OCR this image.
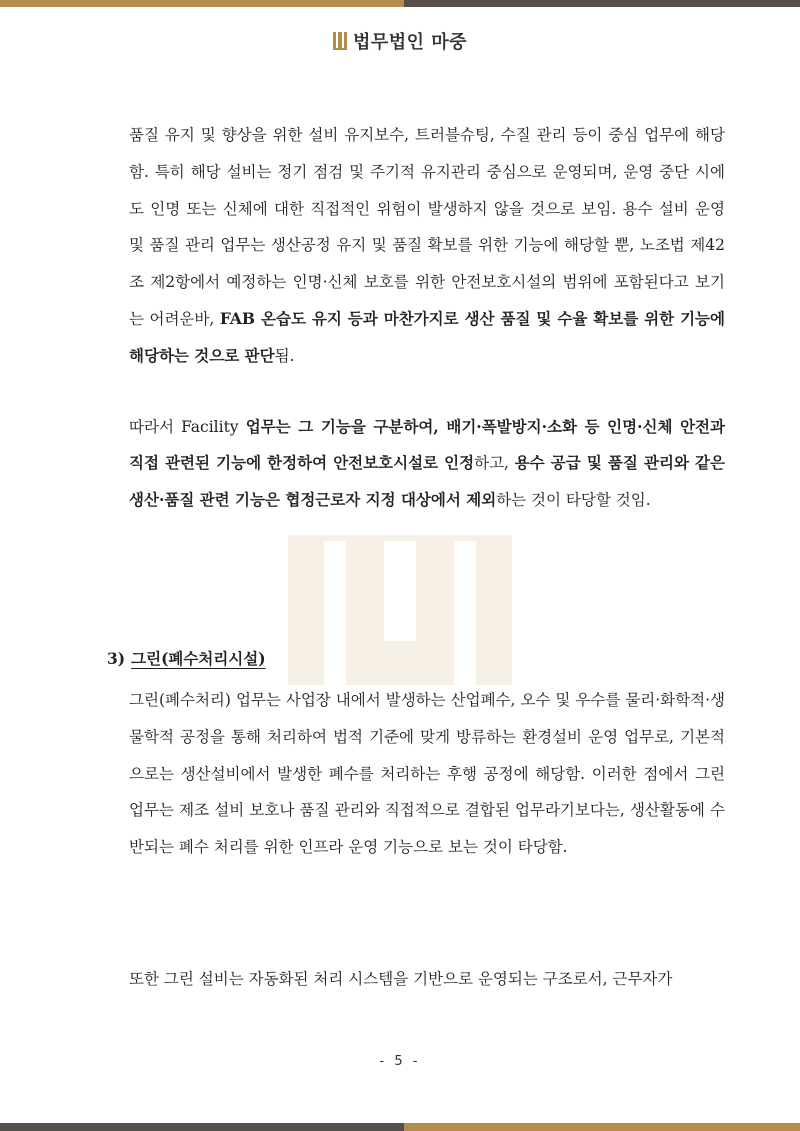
법무법인 마중

품질 유지 및 향상을 위한 설비 유지보수, 트러블슈팅, 수질 관리 등이 중심 업무에 해당함. 특히 해당 설비는 정기 점검 및 주기적 유지관리 중심으로 운영되며, 운영 중단 시에도 인명 또는 신체에 대한 직접적인 위험이 발생하지 않을 것으로 보임. 용수 설비 운영 및 품질 관리 업무는 생산공정 유지 및 품질 확보를 위한 기능에 해당할 뿐, 노조법 제42조 제2항에서 예정하는 인명·신체 보호를 위한 안전보호시설의 범위에 포함된다고 보기는 어려운바, FAB 온습도 유지 등과 마찬가지로 생산 품질 및 수율 확보를 위한 기능에 해당하는 것으로 판단됨.

따라서 Facility 업무는 그 기능을 구분하여, 배기·폭발방지·소화 등 인명·신체 안전과 직접 관련된 기능에 한정하여 안전보호시설로 인정하고, 용수 공급 및 품질 관리와 같은 생산·품질 관련 기능은 협정근로자 지정 대상에서 제외하는 것이 타당할 것임.

3) 그린(폐수처리시설)

그린(폐수처리) 업무는 사업장 내에서 발생하는 산업폐수, 오수 및 우수를 물리·화학적·생물학적 공정을 통해 처리하여 법적 기준에 맞게 방류하는 환경설비 운영 업무로, 기본적으로는 생산설비에서 발생한 폐수를 처리하는 후행 공정에 해당함. 이러한 점에서 그린 업무는 제조 설비 보호나 품질 관리와 직접적으로 결합된 업무라기보다는, 생산활동에 수반되는 폐수 처리를 위한 인프라 운영 기능으로 보는 것이 타당함.

또한 그린 설비는 자동화된 처리 시스템을 기반으로 운영되는 구조로서, 근무자가

- 5 -
